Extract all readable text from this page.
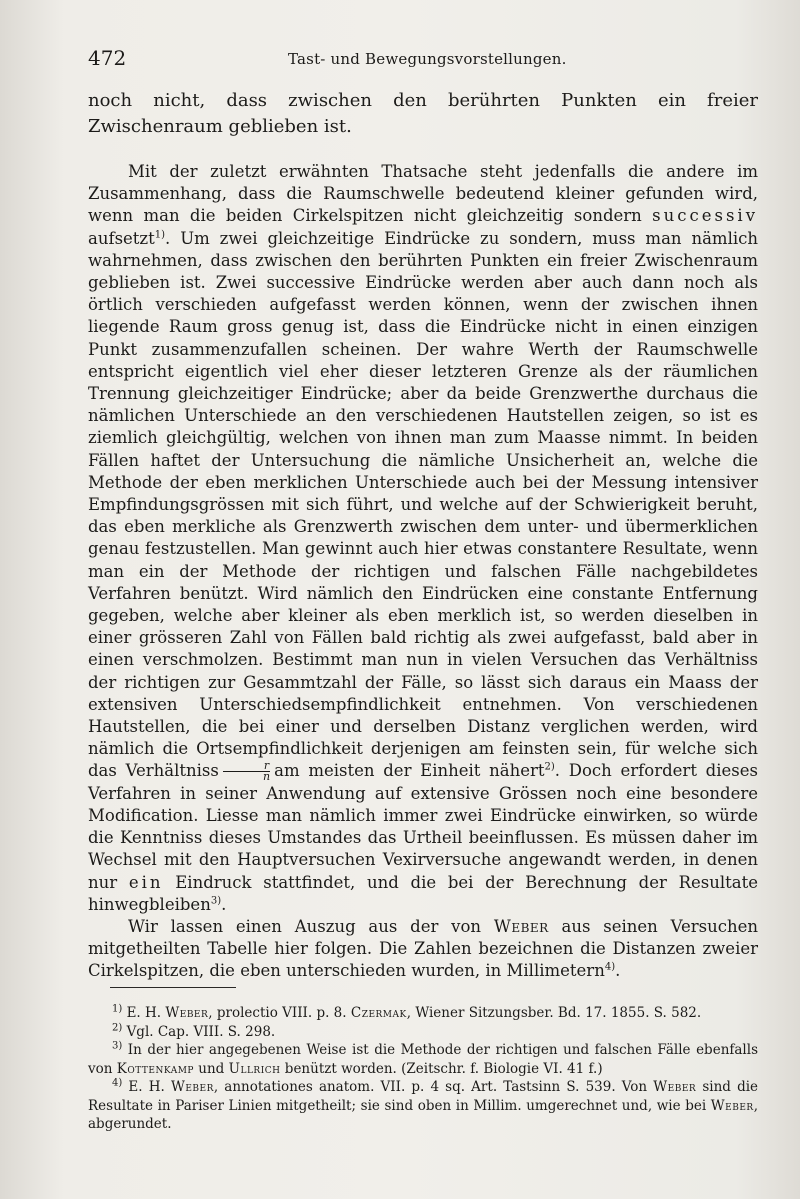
472	Tast- und Bewegungsvorstellungen.

noch nicht, dass zwischen den berührten Punkten ein freier Zwischenraum geblieben ist.

Mit der zuletzt erwähnten Thatsache steht jedenfalls die andere im Zusammenhang, dass die Raumschwelle bedeutend kleiner gefunden wird, wenn man die beiden Cirkelspitzen nicht gleichzeitig sondern successiv aufsetzt$^{1)}$. Um zwei gleichzeitige Eindrücke zu sondern, muss man nämlich wahrnehmen, dass zwischen den berührten Punkten ein freier Zwischenraum geblieben ist. Zwei successive Eindrücke werden aber auch dann noch als örtlich verschieden aufgefasst werden können, wenn der zwischen ihnen liegende Raum gross genug ist, dass die Eindrücke nicht in einen einzigen Punkt zusammenzufallen scheinen. Der wahre Werth der Raumschwelle entspricht eigentlich viel eher dieser letzteren Grenze als der räumlichen Trennung gleichzeitiger Eindrücke; aber da beide Grenzwerthe durchaus die nämlichen Unterschiede an den verschiedenen Hautstellen zeigen, so ist es ziemlich gleichgültig, welchen von ihnen man zum Maasse nimmt. In beiden Fällen haftet der Untersuchung die nämliche Unsicherheit an, welche die Methode der eben merklichen Unterschiede auch bei der Messung intensiver Empfindungsgrössen mit sich führt, und welche auf der Schwierigkeit beruht, das eben merkliche als Grenzwerth zwischen dem unter- und übermerklichen genau festzustellen. Man gewinnt auch hier etwas constantere Resultate, wenn man ein der Methode der richtigen und falschen Fälle nachgebildetes Verfahren benützt. Wird nämlich den Eindrücken eine constante Entfernung gegeben, welche aber kleiner als eben merklich ist, so werden dieselben in einer grösseren Zahl von Fällen bald richtig als zwei aufgefasst, bald aber in einen verschmolzen. Bestimmt man nun in vielen Versuchen das Verhältniss der richtigen zur Gesammtzahl der Fälle, so lässt sich daraus ein Maass der extensiven Unterschiedsempfindlichkeit entnehmen. Von verschiedenen Hautstellen, die bei einer und derselben Distanz verglichen werden, wird nämlich die Ortsempfindlichkeit derjenigen am feinsten sein, für welche sich das Verhältniss $\frac{r}{n}$ am meisten der Einheit nähert$^{2)}$. Doch erfordert dieses Verfahren in seiner Anwendung auf extensive Grössen noch eine besondere Modification. Liesse man nämlich immer zwei Eindrücke einwirken, so würde die Kenntniss dieses Umstandes das Urtheil beeinflussen. Es müssen daher im Wechsel mit den Hauptversuchen Vexirversuche angewandt werden, in denen nur ein Eindruck stattfindet, und die bei der Berechnung der Resultate hinwegbleiben$^{3)}$.

Wir lassen einen Auszug aus der von Weber aus seinen Versuchen mitgetheilten Tabelle hier folgen. Die Zahlen bezeichnen die Distanzen zweier Cirkelspitzen, die eben unterschieden wurden, in Millimetern$^{4)}$.

$^{1)}$ E. H. Weber, prolectio VIII. p. 8. Czermak, Wiener Sitzungsber. Bd. 17. 1855. S. 582.

$^{2)}$ Vgl. Cap. VIII. S. 298.

$^{3)}$ In der hier angegebenen Weise ist die Methode der richtigen und falschen Fälle ebenfalls von Kottenkamp und Ullrich benützt worden. (Zeitschr. f. Biologie VI. 41 f.)

$^{4)}$ E. H. Weber, annotationes anatom. VII. p. 4 sq. Art. Tastsinn S. 539. Von Weber sind die Resultate in Pariser Linien mitgetheilt; sie sind oben in Millim. umgerechnet und, wie bei Weber, abgerundet.
